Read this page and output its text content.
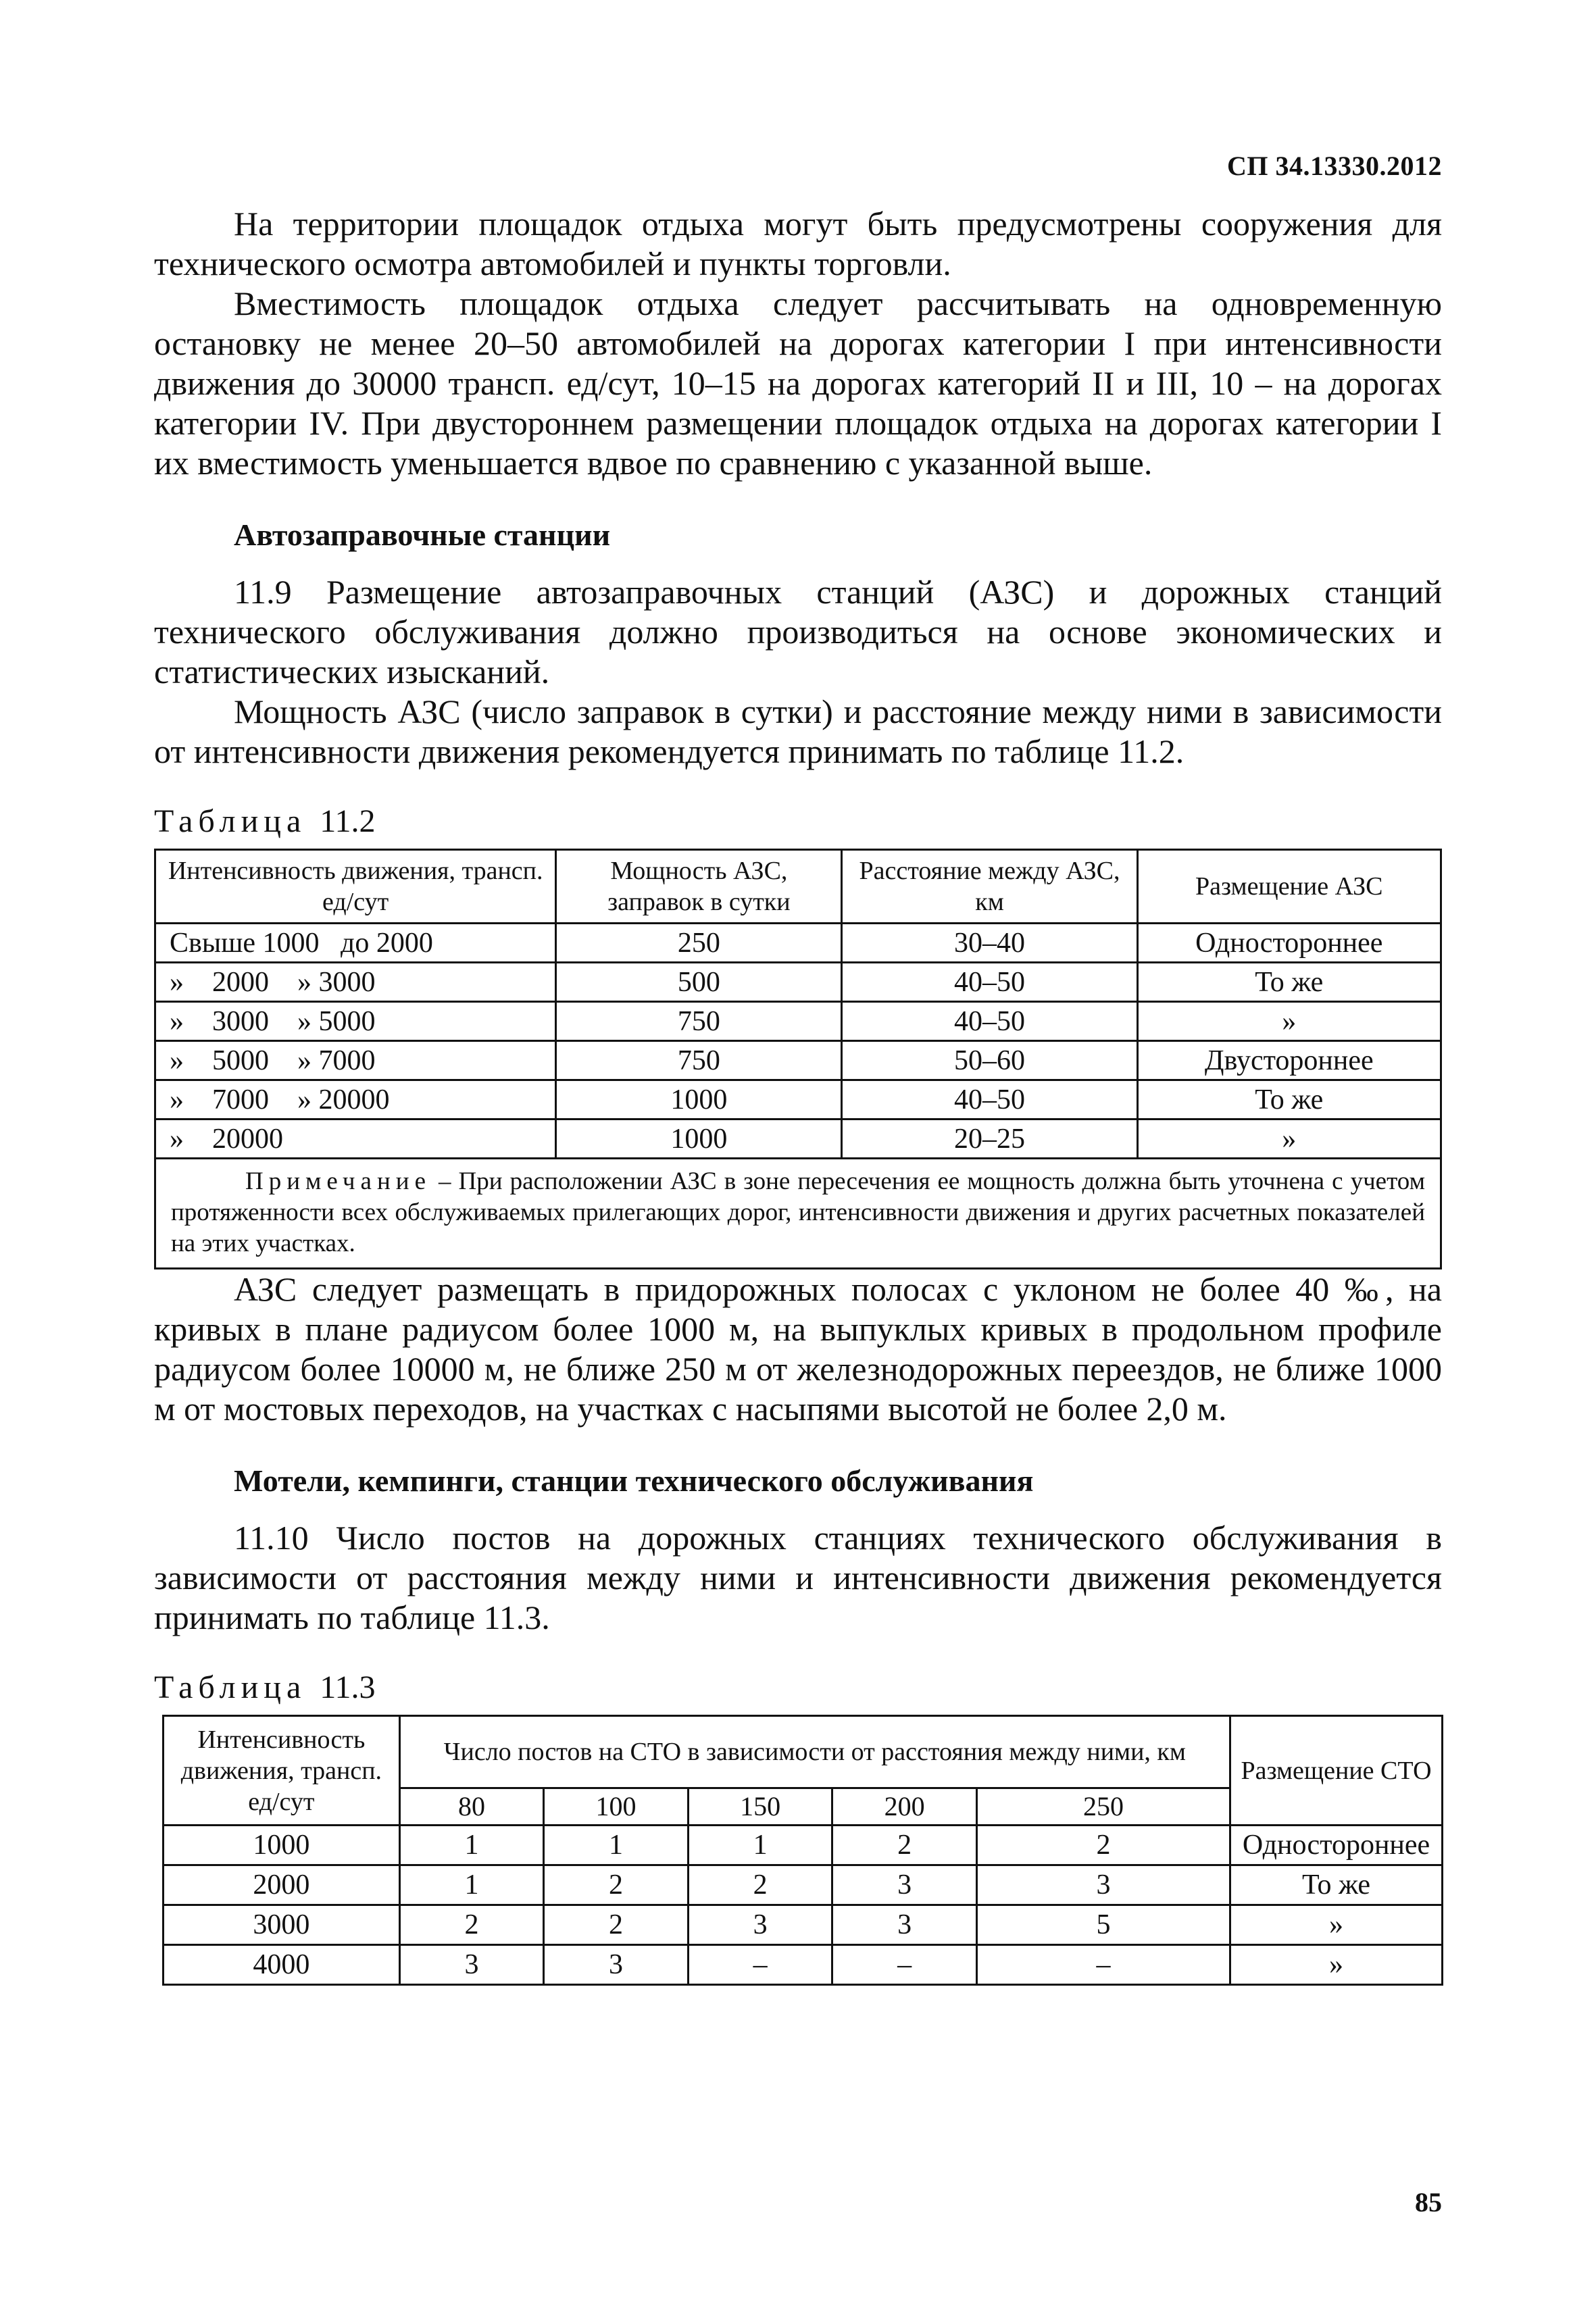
СП 34.13330.2012

На территории площадок отдыха могут быть предусмотрены сооружения для технического осмотра автомобилей и пункты торговли.

Вместимость площадок отдыха следует рассчитывать на одновременную остановку не менее 20–50 автомобилей на дорогах категории I при интенсивности движения до 30000 трансп. ед/сут, 10–15 на дорогах категорий II и III, 10 – на дорогах категории IV. При двустороннем размещении площадок отдыха на дорогах категории I их вместимость уменьшается вдвое по сравнению с указанной выше.

Автозаправочные станции

11.9 Размещение автозаправочных станций (АЗС) и дорожных станций технического обслуживания должно производиться на основе экономических и статистических изысканий.

Мощность АЗС (число заправок в сутки) и расстояние между ними в зависимости от интенсивности движения рекомендуется принимать по таблице 11.2.

Таблица 11.2
Интенсивность движения, трансп. ед/сут	Мощность АЗС, заправок в сутки	Расстояние между АЗС, км	Размещение АЗС
Свыше 1000   до 2000	250	30–40	Одностороннее
»    2000    » 3000	500	40–50	То же
»    3000    » 5000	750	40–50	»
»    5000    » 7000	750	50–60	Двустороннее
»    7000    » 20000	1000	40–50	То же
»    20000	1000	20–25	»
Примечание – При расположении АЗС в зоне пересечения ее мощность должна быть уточнена с учетом протяженности всех обслуживаемых прилегающих дорог, интенсивности движения и других расчетных показателей на этих участках.			

АЗС следует размещать в придорожных полосах с уклоном не более 40 ‰, на кривых в плане радиусом более 1000 м, на выпуклых кривых в продольном профиле радиусом более 10000 м, не ближе 250 м от железнодорожных переездов, не ближе 1000 м от мостовых переходов, на участках с насыпями высотой не более 2,0 м.

Мотели, кемпинги, станции технического обслуживания

11.10 Число постов на дорожных станциях технического обслуживания в зависимости от расстояния между ними и интенсивности движения рекомендуется принимать по таблице 11.3.

Таблица 11.3
Интенсивность движения, трансп. ед/сут	Число постов на СТО в зависимости от расстояния между ними, км					Размещение СТО
	80	100	150	200	250	
1000	1	1	1	2	2	Одностороннее
2000	1	2	2	3	3	То же
3000	2	2	3	3	5	»
4000	3	3	–	–	–	»
85
